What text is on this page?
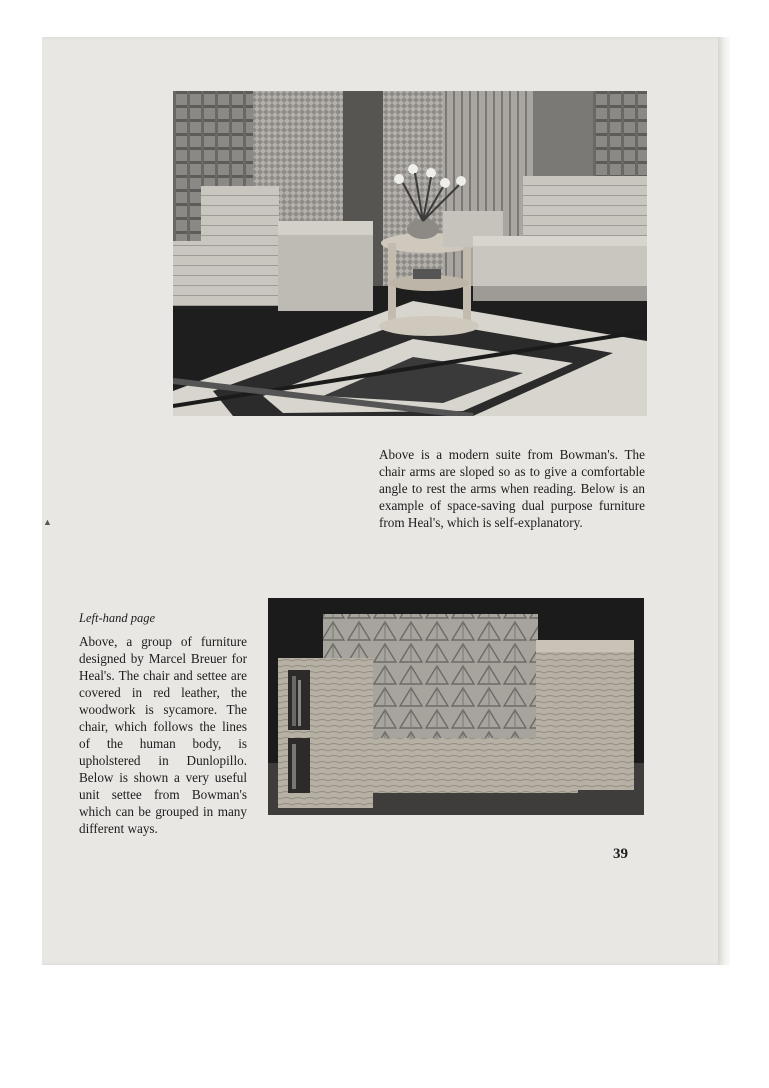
▲
Above is a modern suite from Bowman's. The chair arms are sloped so as to give a comfortable angle to rest the arms when reading. Below is an example of space-saving dual purpose furniture from Heal's, which is self-explanatory.
Left-hand page
Above, a group of furniture designed by Marcel Breuer for Heal's. The chair and settee are covered in red leather, the woodwork is sycamore. The chair, which follows the lines of the human body, is upholstered in Dunlopillo. Below is shown a very useful unit settee from Bowman's which can be grouped in many different ways.
39
